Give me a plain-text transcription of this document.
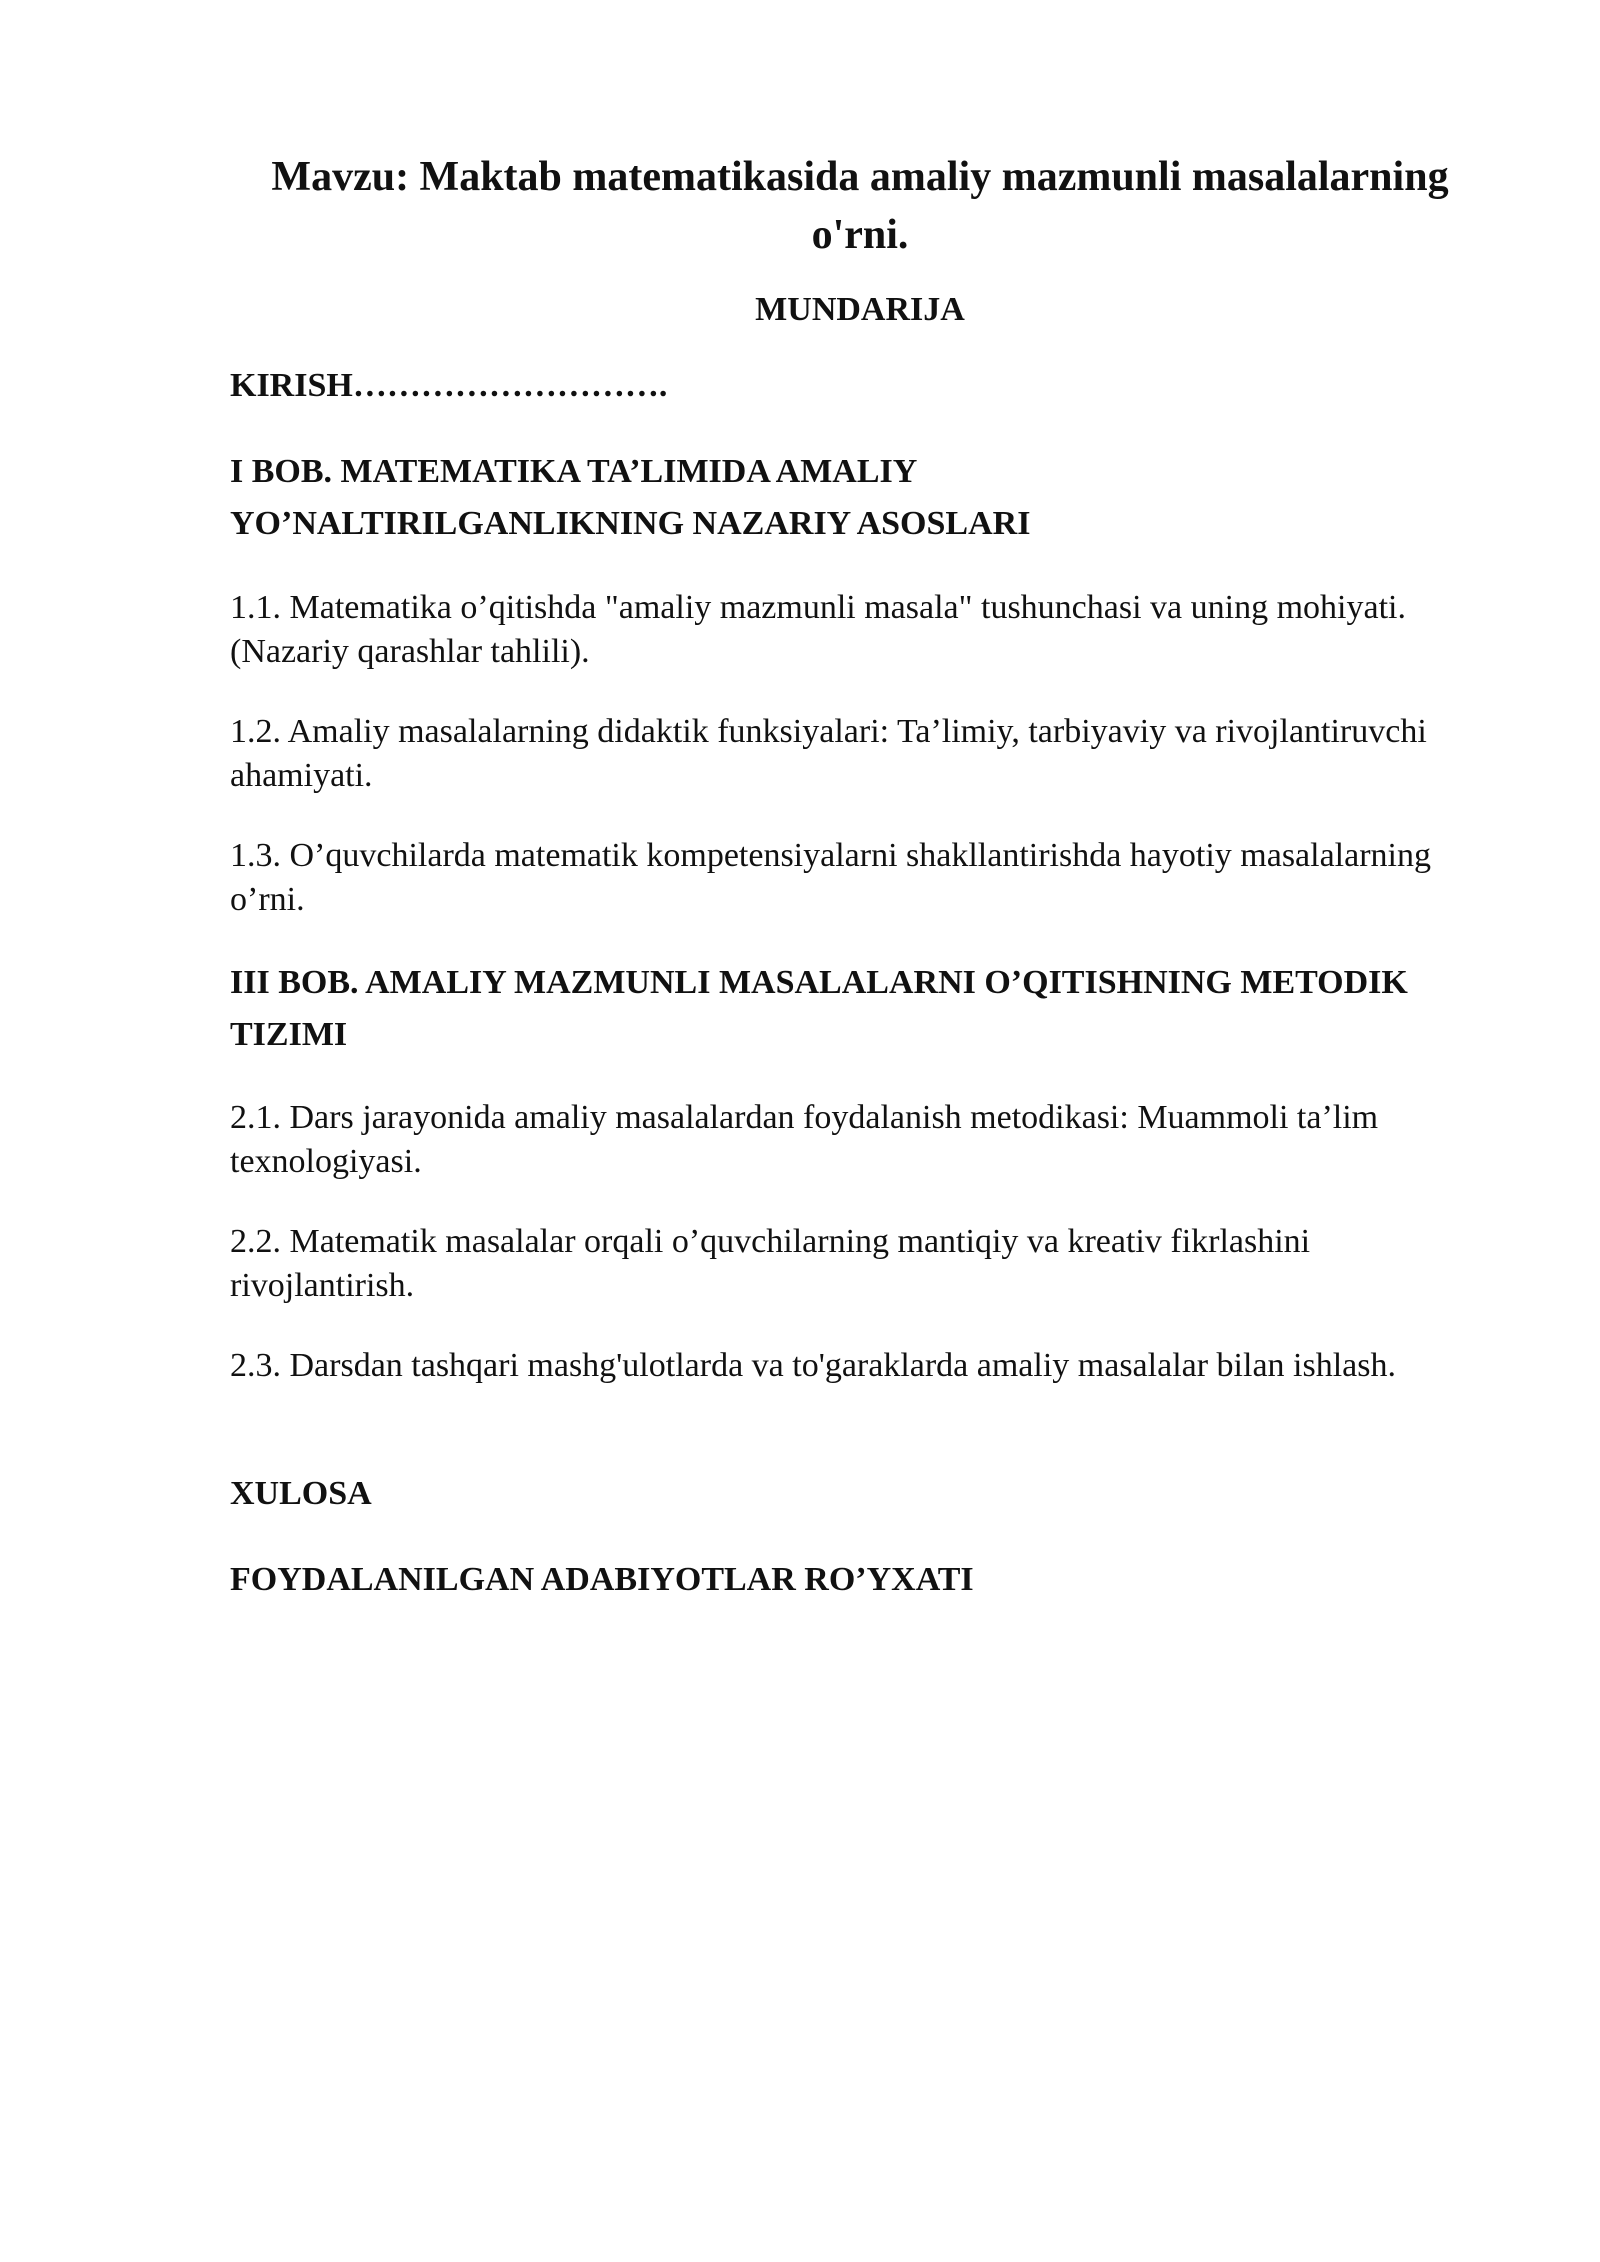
Mavzu: Maktab matematikasida amaliy mazmunli masalalarning o'rni.
MUNDARIJA

KIRISH……………………….

I BOB. MATEMATIKA TA’LIMIDA AMALIY YO’NALTIRILGANLIKNING NAZARIY ASOSLARI

1.1. Matematika o’qitishda "amaliy mazmunli masala" tushunchasi va uning mohiyati. (Nazariy qarashlar tahlili).

1.2. Amaliy masalalarning didaktik funksiyalari: Ta’limiy, tarbiyaviy va rivojlantiruvchi ahamiyati.

1.3. O’quvchilarda matematik kompetensiyalarni shakllantirishda hayotiy masalalarning o’rni.

III BOB. AMALIY MAZMUNLI MASALALARNI O’QITISHNING METODIK TIZIMI

2.1. Dars jarayonida amaliy masalalardan foydalanish metodikasi: Muammoli ta’lim texnologiyasi.

2.2. Matematik masalalar orqali o’quvchilarning mantiqiy va kreativ fikrlashini rivojlantirish.

2.3. Darsdan tashqari mashg'ulotlarda va to'garaklarda amaliy masalalar bilan ishlash.

XULOSA

FOYDALANILGAN ADABIYOTLAR RO’YXATI
